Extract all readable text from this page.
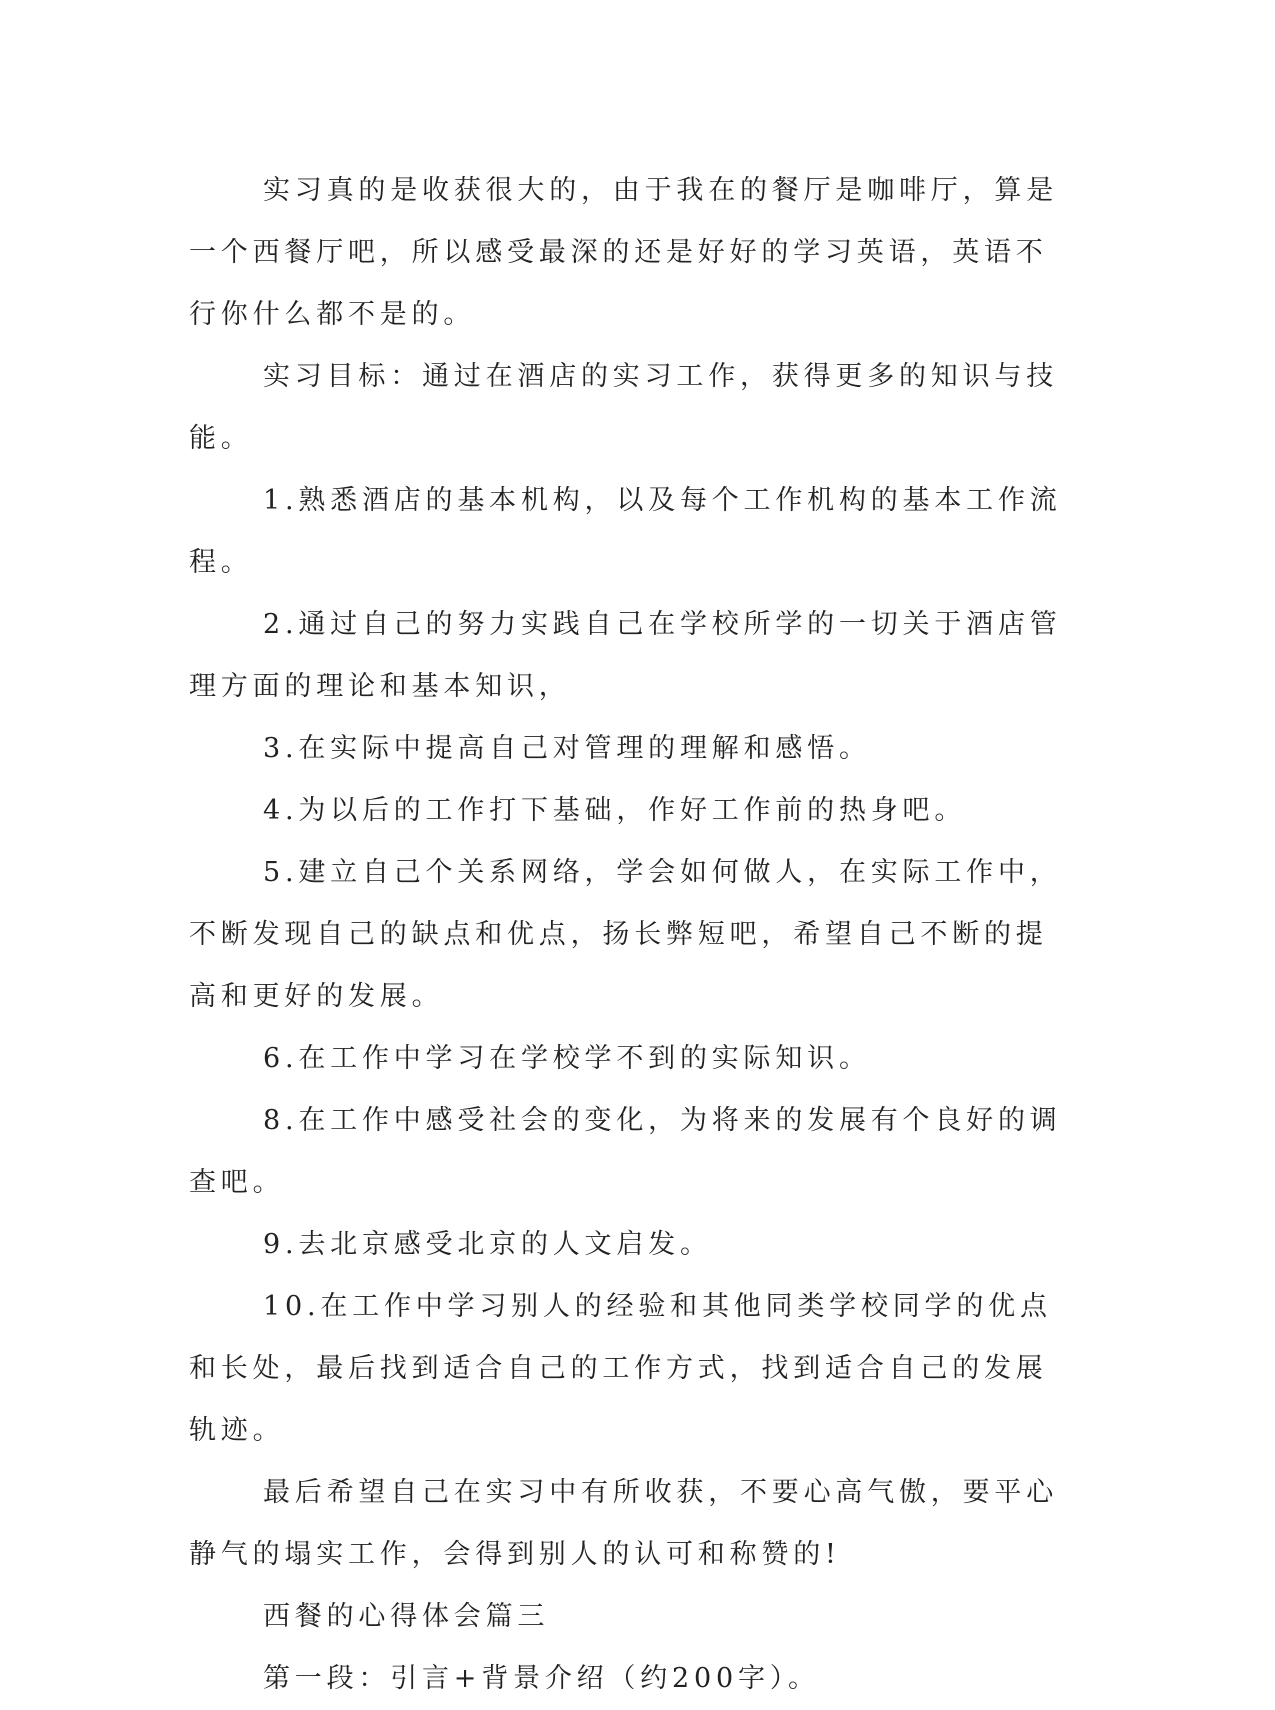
实习真的是收获很大的，由于我在的餐厅是咖啡厅，算是一个西餐厅吧，所以感受最深的还是好好的学习英语，英语不行你什么都不是的。

实习目标：通过在酒店的实习工作，获得更多的知识与技能。

1.熟悉酒店的基本机构，以及每个工作机构的基本工作流程。

2.通过自己的努力实践自己在学校所学的一切关于酒店管理方面的理论和基本知识，

3.在实际中提高自己对管理的理解和感悟。

4.为以后的工作打下基础，作好工作前的热身吧。

5.建立自己个关系网络，学会如何做人，在实际工作中，不断发现自己的缺点和优点，扬长弊短吧，希望自己不断的提高和更好的发展。

6.在工作中学习在学校学不到的实际知识。

8.在工作中感受社会的变化，为将来的发展有个良好的调查吧。

9.去北京感受北京的人文启发。

10.在工作中学习别人的经验和其他同类学校同学的优点和长处，最后找到适合自己的工作方式，找到适合自己的发展轨迹。

最后希望自己在实习中有所收获，不要心高气傲，要平心静气的塌实工作，会得到别人的认可和称赞的!

西餐的心得体会篇三

第一段：引言+背景介绍（约200字）。
